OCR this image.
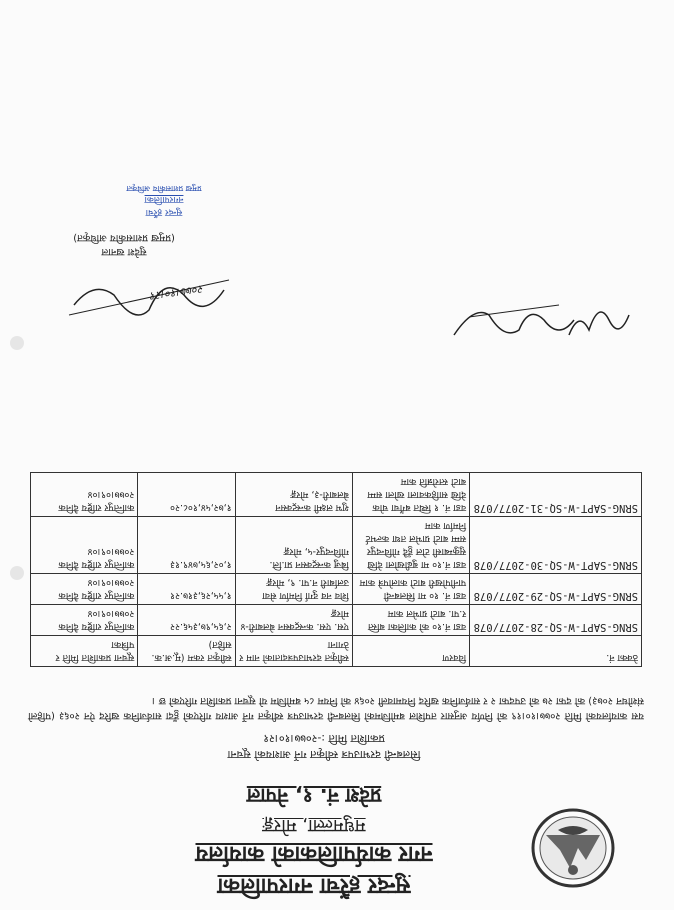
सुन्दर हरैंचा नगरपालिका
नगर कार्यपालिकाको कार्यालय
मधुमल्ला, मोरङ्ग
प्रदेश नं. १, नेपाल
सिलबन्दी दरभाउपत्र स्वीकृत गर्ने आशयको सूचना
प्रकाशित मिति :-२०७७।१०।२१
यस कार्यालयको मिति २०७७।१०।१९ को निर्णय अनुसार तपशिल बमोजिमको सिलबन्दी दरभाउपत्र स्वीकृत गर्ने आशय गरिएको हुँदा सार्वजनिक खरिद ऐन २०६३ (पहिलो संशोधन २०७३) को दफा २७ को उपदफा २ र सार्वजनिक खरिद नियमावली २०६४ को नियम ८५ बमोजिम यो सूचना प्रकाशित गरिएको छ ।
ठेक्का नं.	विवरण	स्वीकृत दरभाउपत्रदाताको नाम र ठेगाना	स्वीकृत रकम (मू.अ.क. सहित)	सूचना प्रकाशित मिति र पत्रिका
SRNG-SAPT-W-SQ-28-2077/078	वडा नं.१० को कालिका बस्ति र.पा. बाटो ग्राभेल काम	एस. एस. कन्स्ट्रक्सन बेलबारी-४ मोरङ्ग	२,६५,९७,३५६.२२	कान्तिपुर राष्ट्रिय दैनिक २०७७।०९।०४
SRNG-SAPT-W-SQ-29-2077/078	वडा नं. १० मा सिलबन्दी पानीपोखरी बाटो कालोपत्रे काम	शिव नव दुर्गा निर्माण सेवा उर्लाबारी न.पा. ९, मोरङ्ग	१,५५,२६,३१७.२१	कान्तिपुर राष्ट्रिय दैनिक २०७७।०९।०४
SRNG-SAPT-W-SQ-30-2077/078	वडा नं.१० मा बुढीखोला देखि सुकुम्बासी टोल हुँदै गोविन्दपुर सम्म बाटो ग्राभेल तथा कल्भर्ट निर्माण काम	बिजु कन्स्ट्रक्सन प्रा.लि. गोविन्दपुर-५, मोरङ्ग	१,०२,६५,७४९.१३	कान्तिपुर राष्ट्रिय दैनिक २०७७।०९।०४
SRNG-SAPT-W-SQ-31-2077/078	वडा नं. १ स्थित बगैंचा चोक देखि साहिकवाला खोला सम्म बाटो स्तरोन्नति काम	शुभ लक्ष्मी कन्स्ट्रक्सन बेलबारी-३, मोरङ्ग	१,७२,५४,१०८.२०	कान्तिपुर राष्ट्रिय दैनिक २०७७।०९।०४
सुदेश खनाल
(प्रमुख प्रशासकीय अधिकृत)
२०७७।१०।२१
सुन्दर हरैंचा
नगरपालिका
प्रमुख प्रशासकीय अधिकृत
